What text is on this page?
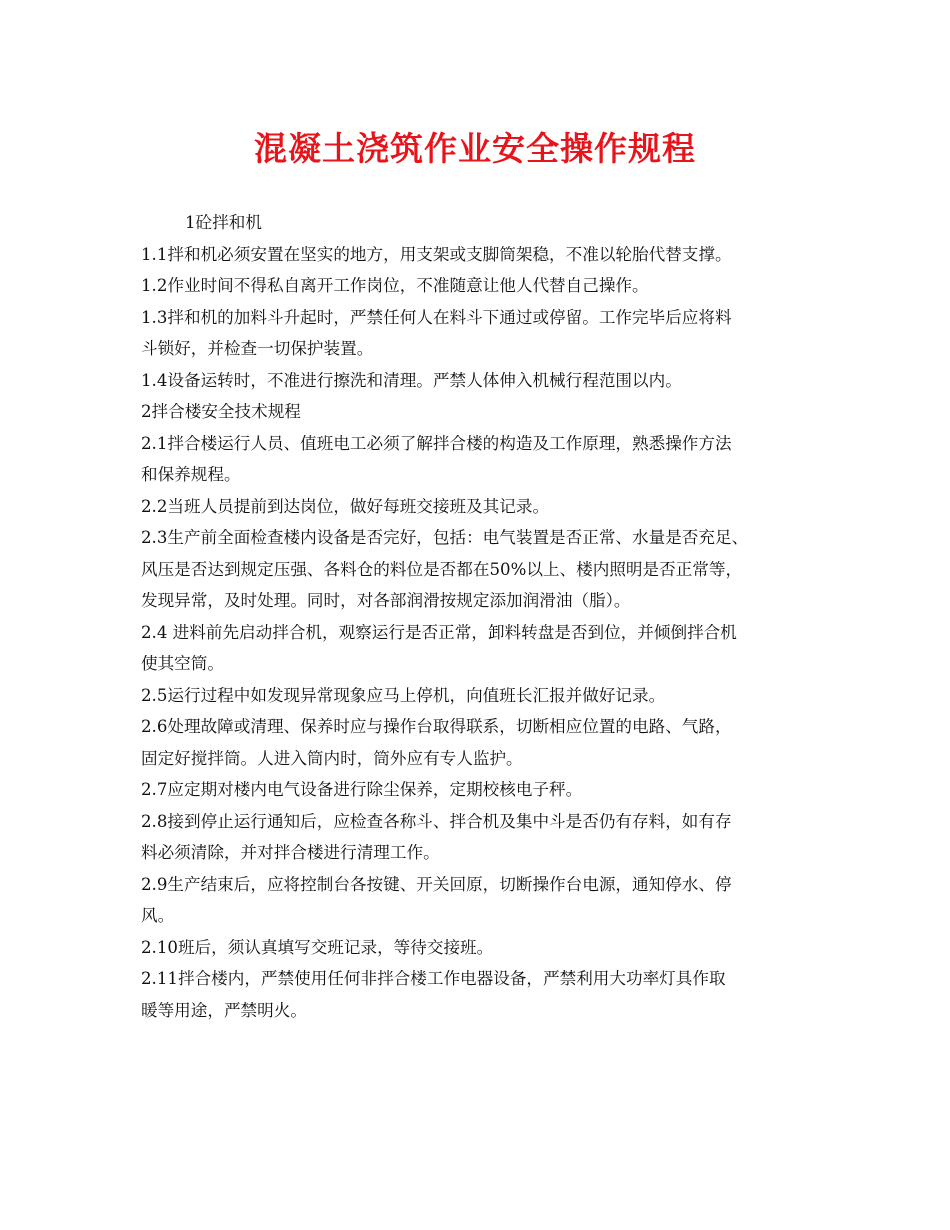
混凝土浇筑作业安全操作规程
1砼拌和机
1.1拌和机必须安置在坚实的地方，用支架或支脚筒架稳，不准以轮胎代替支撑。
1.2作业时间不得私自离开工作岗位，不准随意让他人代替自己操作。
1.3拌和机的加料斗升起时，严禁任何人在料斗下通过或停留。工作完毕后应将料
斗锁好，并检查一切保护装置。
1.4设备运转时，不准进行擦洗和清理。严禁人体伸入机械行程范围以内。
2拌合楼安全技术规程
2.1拌合楼运行人员、值班电工必须了解拌合楼的构造及工作原理，熟悉操作方法
和保养规程。
2.2当班人员提前到达岗位，做好每班交接班及其记录。
2.3生产前全面检查楼内设备是否完好，包括：电气装置是否正常、水量是否充足、
风压是否达到规定压强、各料仓的料位是否都在50%以上、楼内照明是否正常等，
发现异常，及时处理。同时，对各部润滑按规定添加润滑油（脂）。
2.4 进料前先启动拌合机，观察运行是否正常，卸料转盘是否到位，并倾倒拌合机
使其空筒。
2.5运行过程中如发现异常现象应马上停机，向值班长汇报并做好记录。
2.6处理故障或清理、保养时应与操作台取得联系，切断相应位置的电路、气路，
固定好搅拌筒。人进入筒内时，筒外应有专人监护。
2.7应定期对楼内电气设备进行除尘保养，定期校核电子秤。
2.8接到停止运行通知后，应检查各称斗、拌合机及集中斗是否仍有存料，如有存
料必须清除，并对拌合楼进行清理工作。
2.9生产结束后，应将控制台各按键、开关回原，切断操作台电源，通知停水、停
风。
2.10班后，须认真填写交班记录，等待交接班。
2.11拌合楼内，严禁使用任何非拌合楼工作电器设备，严禁利用大功率灯具作取
暖等用途，严禁明火。
